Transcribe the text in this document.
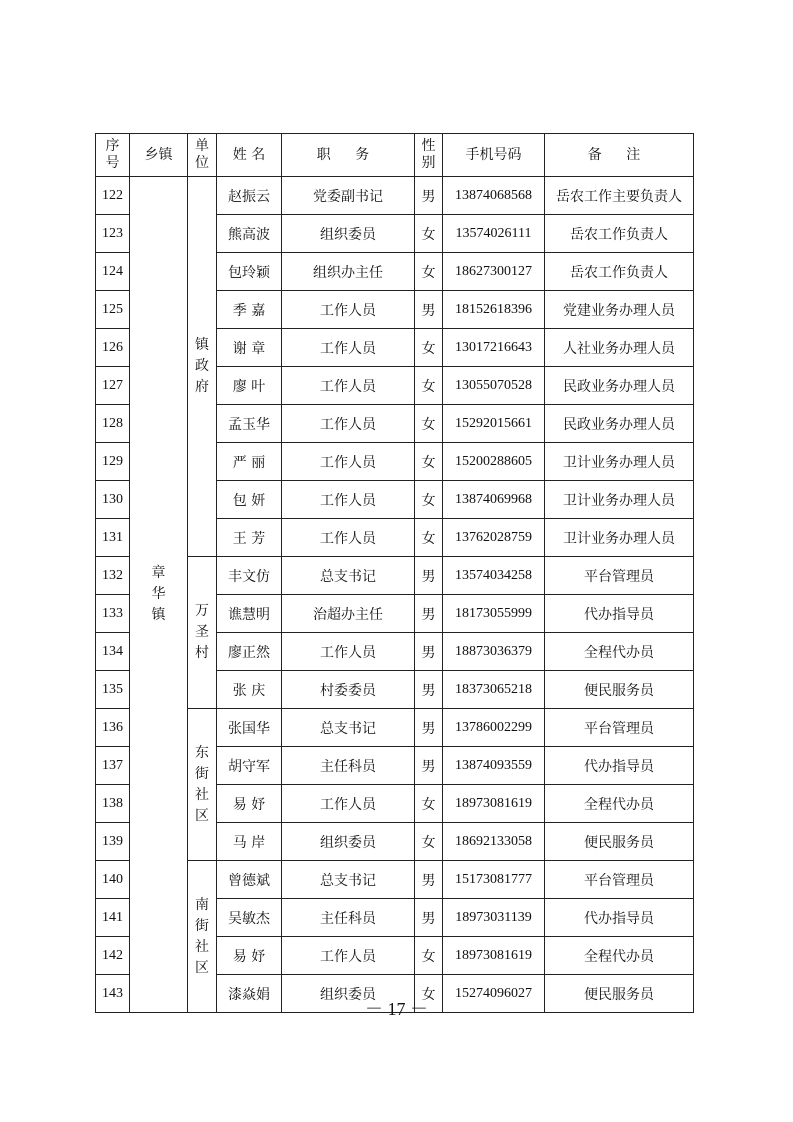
序号	乡镇	单位	姓 名	职 务	性别	手机号码	备 注
122	章华镇	镇政府	赵振云	党委副书记	男	13874068568	岳农工作主要负责人
123			熊高波	组织委员	女	13574026111	岳农工作负责人
124			包玲颖	组织办主任	女	18627300127	岳农工作负责人
125			季 嘉	工作人员	男	18152618396	党建业务办理人员
126			谢 章	工作人员	女	13017216643	人社业务办理人员
127			廖 叶	工作人员	女	13055070528	民政业务办理人员
128			孟玉华	工作人员	女	15292015661	民政业务办理人员
129			严 丽	工作人员	女	15200288605	卫计业务办理人员
130			包 妍	工作人员	女	13874069968	卫计业务办理人员
131			王 芳	工作人员	女	13762028759	卫计业务办理人员
132		万圣村	丰文仿	总支书记	男	13574034258	平台管理员
133			谯慧明	治超办主任	男	18173055999	代办指导员
134			廖正然	工作人员	男	18873036379	全程代办员
135			张 庆	村委委员	男	18373065218	便民服务员
136		东街社区	张国华	总支书记	男	13786002299	平台管理员
137			胡守军	主任科员	男	13874093559	代办指导员
138			易 妤	工作人员	女	18973081619	全程代办员
139			马 岸	组织委员	女	18692133058	便民服务员
140		南街社区	曾德斌	总支书记	男	15173081777	平台管理员
141			吴敏杰	主任科员	男	18973031139	代办指导员
142			易 妤	工作人员	女	18973081619	全程代办员
143			漆焱娟	组织委员	女	15274096027	便民服务员
－ 17 －
